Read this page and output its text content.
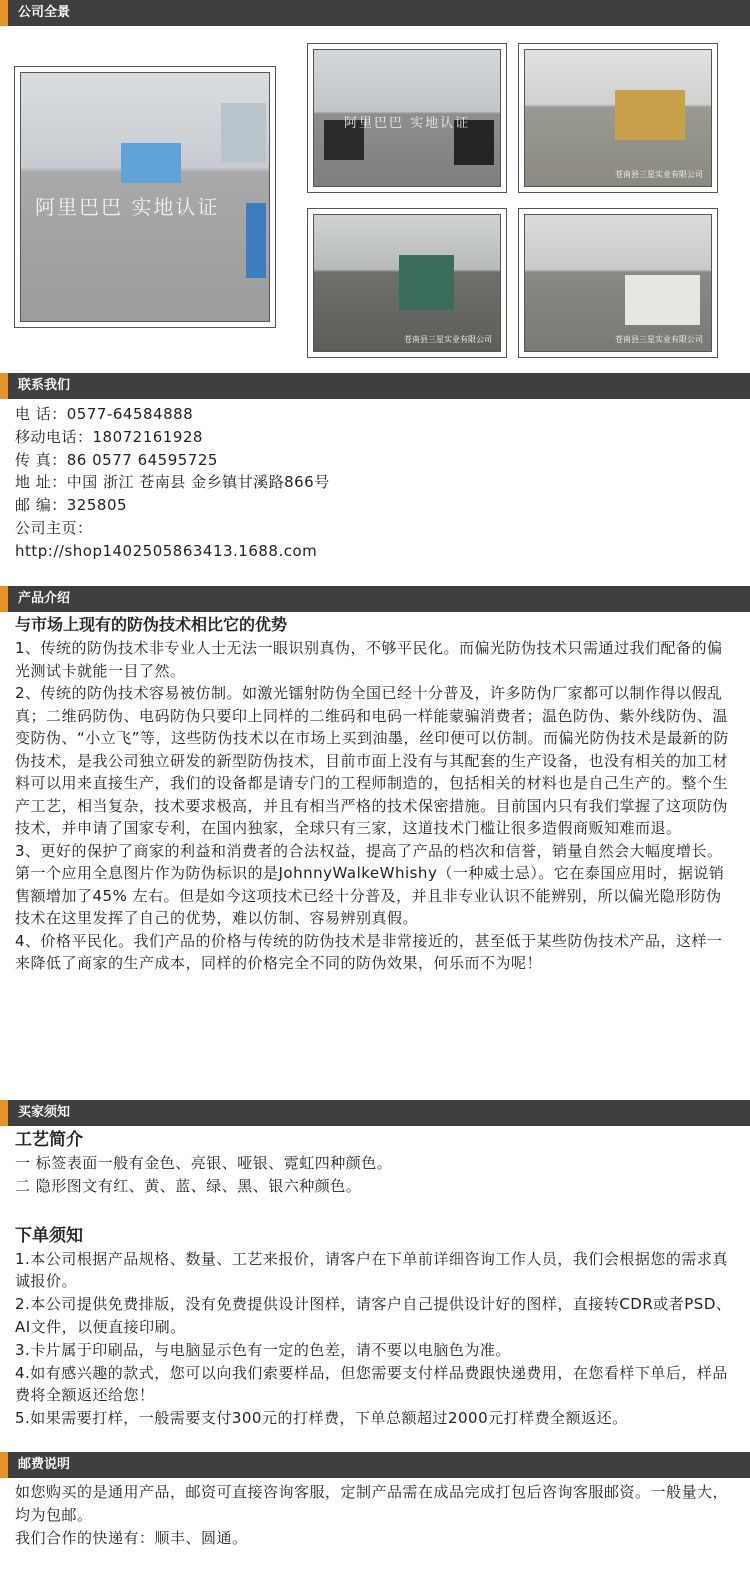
公司全景
阿里巴巴 实地认证
阿里巴巴 实地认证
苍南县三星实业有限公司
苍南县三星实业有限公司	苍南县三星实业有限公司
联系我们

电 话：0577-64584888

移动电话：18072161928

传 真：86 0577 64595725

地 址：中国 浙江 苍南县 金乡镇甘溪路866号

邮 编：325805

公司主页：

http://shop1402505863413.1688.com

产品介绍
与市场上现有的防伪技术相比它的优势

1、传统的防伪技术非专业人士无法一眼识别真伪，不够平民化。而偏光防伪技术只需通过我们配备的偏光测试卡就能一目了然。

2、传统的防伪技术容易被仿制。如激光镭射防伪全国已经十分普及，许多防伪厂家都可以制作得以假乱真；二维码防伪、电码防伪只要印上同样的二维码和电码一样能蒙骗消费者；温色防伪、紫外线防伪、温变防伪、“小立飞”等，这些防伪技术以在市场上买到油墨，丝印便可以仿制。而偏光防伪技术是最新的防伪技术，是我公司独立研发的新型防伪技术，目前市面上没有与其配套的生产设备，也没有相关的加工材料可以用来直接生产，我们的设备都是请专门的工程师制造的，包括相关的材料也是自己生产的。整个生产工艺，相当复杂，技术要求极高，并且有相当严格的技术保密措施。目前国内只有我们掌握了这项防伪技术，并申请了国家专利，在国内独家，全球只有三家，这道技术门槛让很多造假商贩知难而退。

3、更好的保护了商家的利益和消费者的合法权益，提高了产品的档次和信誉，销量自然会大幅度增长。第一个应用全息图片作为防伪标识的是JohnnyWalkeWhishy（一种威士忌）。它在泰国应用时，据说销售额增加了45% 左右。但是如今这项技术已经十分普及，并且非专业认识不能辨别，所以偏光隐形防伪技术在这里发挥了自己的优势，难以仿制、容易辨别真假。

4、价格平民化。我们产品的价格与传统的防伪技术是非常接近的，甚至低于某些防伪技术产品，这样一来降低了商家的生产成本，同样的价格完全不同的防伪效果，何乐而不为呢！

买家须知
工艺简介

一 标签表面一般有金色、亮银、哑银、霓虹四种颜色。

二 隐形图文有红、黄、蓝、绿、黑、银六种颜色。

下单须知

1.本公司根据产品规格、数量、工艺来报价，请客户在下单前详细咨询工作人员，我们会根据您的需求真诚报价。

2.本公司提供免费排版，没有免费提供设计图样，请客户自己提供设计好的图样，直接转CDR或者PSD、AI文件，以便直接印刷。

3.卡片属于印刷品，与电脑显示色有一定的色差，请不要以电脑色为准。

4.如有感兴趣的款式，您可以向我们索要样品，但您需要支付样品费跟快递费用，在您看样下单后，样品费将全额返还给您！

5.如果需要打样，一般需要支付300元的打样费，下单总额超过2000元打样费全额返还。

邮费说明

如您购买的是通用产品，邮资可直接咨询客服，定制产品需在成品完成打包后咨询客服邮资。一般量大，均为包邮。

我们合作的快递有：顺丰、圆通。
